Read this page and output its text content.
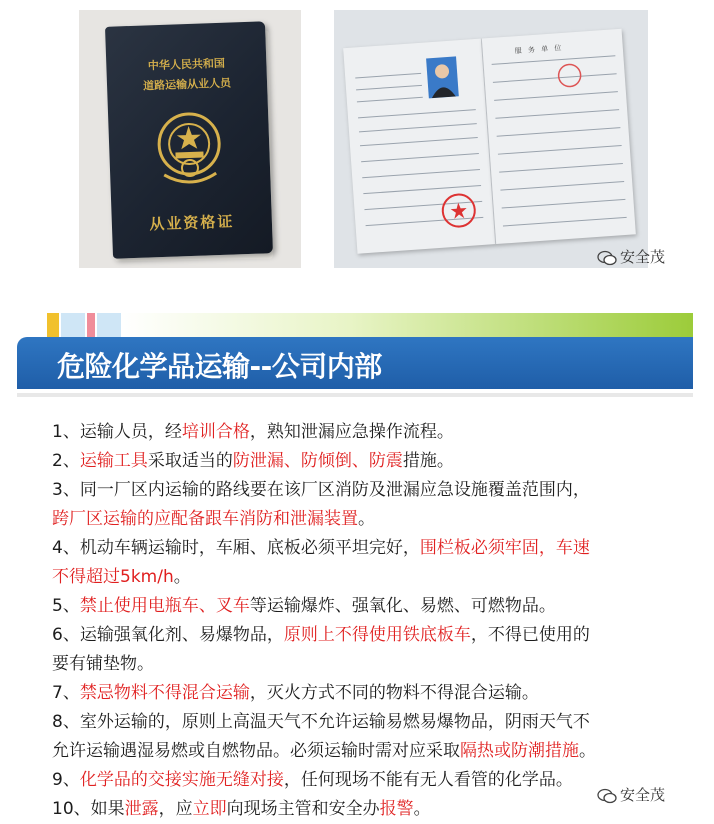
中华人民共和国
道路运输从业人员
从业资格证
服 务 单 位
安全茂
危险化学品运输--公司内部

1、运输人员，经培训合格，熟知泄漏应急操作流程。

2、运输工具采取适当的防泄漏、防倾倒、防震措施。

3、同一厂区内运输的路线要在该厂区消防及泄漏应急设施覆盖范围内，

跨厂区运输的应配备跟车消防和泄漏装置。

4、机动车辆运输时，车厢、底板必须平坦完好，围栏板必须牢固，车速

不得超过5km/h。

5、禁止使用电瓶车、叉车等运输爆炸、强氧化、易燃、可燃物品。

6、运输强氧化剂、易爆物品，原则上不得使用铁底板车，不得已使用的

要有铺垫物。

7、禁忌物料不得混合运输，灭火方式不同的物料不得混合运输。

8、室外运输的，原则上高温天气不允许运输易燃易爆物品，阴雨天气不

允许运输遇湿易燃或自燃物品。必须运输时需对应采取隔热或防潮措施。

9、化学品的交接实施无缝对接，任何现场不能有无人看管的化学品。

10、如果泄露，应立即向现场主管和安全办报警。

安全茂
